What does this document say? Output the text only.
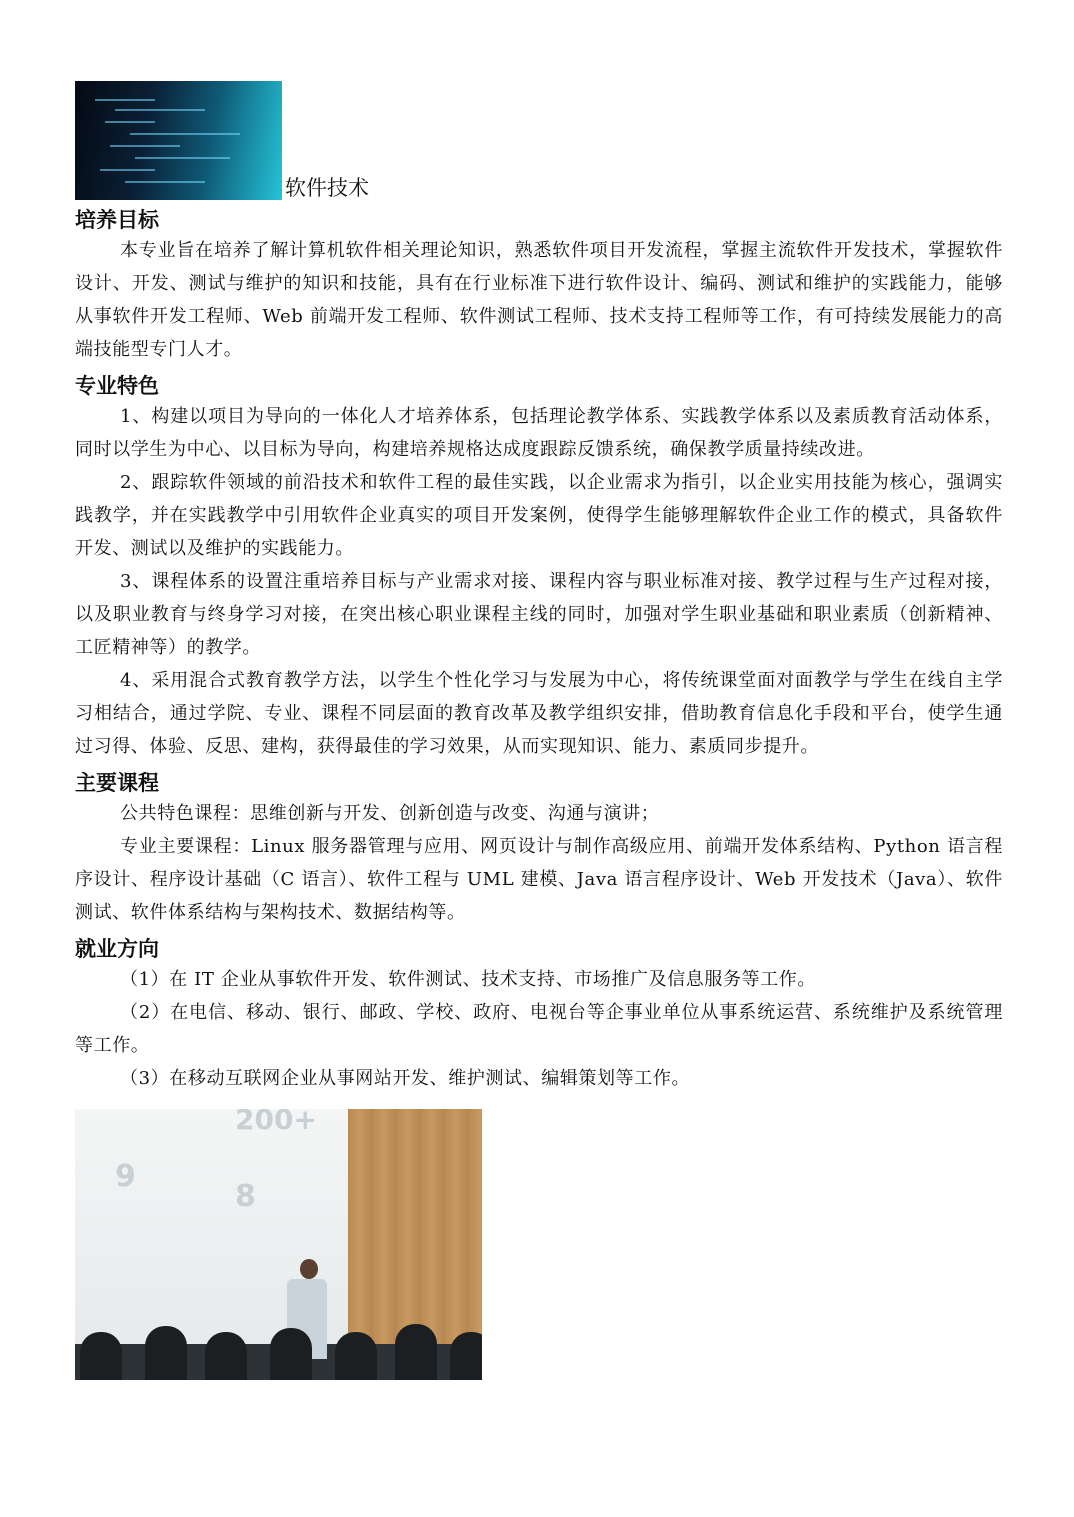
软件技术
培养目标

本专业旨在培养了解计算机软件相关理论知识，熟悉软件项目开发流程，掌握主流软件开发技术，掌握软件设计、开发、测试与维护的知识和技能，具有在行业标准下进行软件设计、编码、测试和维护的实践能力，能够从事软件开发工程师、Web 前端开发工程师、软件测试工程师、技术支持工程师等工作，有可持续发展能力的高端技能型专门人才。

专业特色

1、构建以项目为导向的一体化人才培养体系，包括理论教学体系、实践教学体系以及素质教育活动体系，同时以学生为中心、以目标为导向，构建培养规格达成度跟踪反馈系统，确保教学质量持续改进。

2、跟踪软件领域的前沿技术和软件工程的最佳实践，以企业需求为指引，以企业实用技能为核心，强调实践教学，并在实践教学中引用软件企业真实的项目开发案例，使得学生能够理解软件企业工作的模式，具备软件开发、测试以及维护的实践能力。

3、课程体系的设置注重培养目标与产业需求对接、课程内容与职业标准对接、教学过程与生产过程对接，以及职业教育与终身学习对接，在突出核心职业课程主线的同时，加强对学生职业基础和职业素质（创新精神、工匠精神等）的教学。

4、采用混合式教育教学方法，以学生个性化学习与发展为中心，将传统课堂面对面教学与学生在线自主学习相结合，通过学院、专业、课程不同层面的教育改革及教学组织安排，借助教育信息化手段和平台，使学生通过习得、体验、反思、建构，获得最佳的学习效果，从而实现知识、能力、素质同步提升。

主要课程

公共特色课程：思维创新与开发、创新创造与改变、沟通与演讲；

专业主要课程：Linux 服务器管理与应用、网页设计与制作高级应用、前端开发体系结构、Python 语言程序设计、程序设计基础（C 语言）、软件工程与 UML 建模、Java 语言程序设计、Web 开发技术（Java）、软件测试、软件体系结构与架构技术、数据结构等。

就业方向

（1）在 IT 企业从事软件开发、软件测试、技术支持、市场推广及信息服务等工作。

（2）在电信、移动、银行、邮政、学校、政府、电视台等企事业单位从事系统运营、系统维护及系统管理等工作。

（3）在移动互联网企业从事网站开发、维护测试、编辑策划等工作。

200+
9
8
